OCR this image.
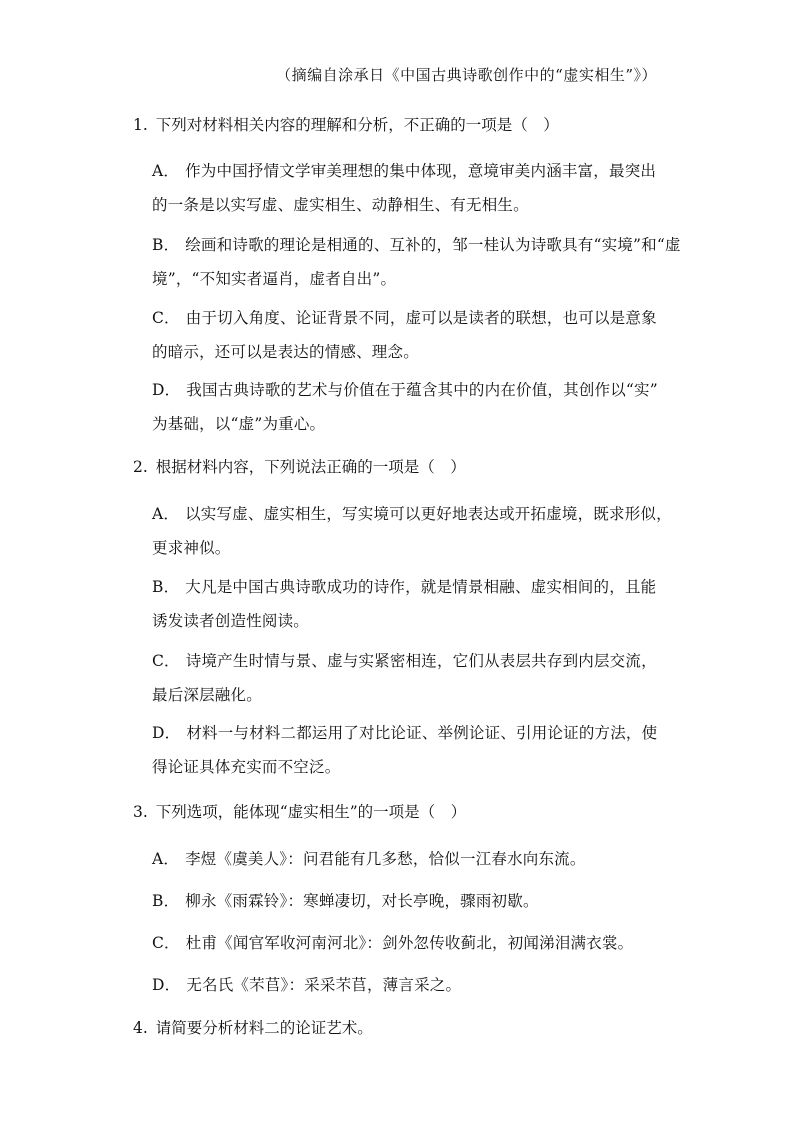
（摘编自涂承日《中国古典诗歌创作中的“虚实相生”》）
1. 下列对材料相关内容的理解和分析，不正确的一项是（　）
A． 作为中国抒情文学审美理想的集中体现，意境审美内涵丰富，最突出
的一条是以实写虚、虚实相生、动静相生、有无相生。
B． 绘画和诗歌的理论是相通的、互补的，邹一桂认为诗歌具有“实境”和“虚
境”，“不知实者逼肖，虚者自出”。
C． 由于切入角度、论证背景不同，虚可以是读者的联想，也可以是意象
的暗示，还可以是表达的情感、理念。
D． 我国古典诗歌的艺术与价值在于蕴含其中的内在价值，其创作以“实”
为基础，以“虚”为重心。
2. 根据材料内容，下列说法正确的一项是（　）
A． 以实写虚、虚实相生，写实境可以更好地表达或开拓虚境，既求形似，
更求神似。
B． 大凡是中国古典诗歌成功的诗作，就是情景相融、虚实相间的，且能
诱发读者创造性阅读。
C． 诗境产生时情与景、虚与实紧密相连，它们从表层共存到内层交流，
最后深层融化。
D． 材料一与材料二都运用了对比论证、举例论证、引用论证的方法，使
得论证具体充实而不空泛。
3. 下列选项，能体现“虚实相生”的一项是（　）
A． 李煜《虞美人》：问君能有几多愁，恰似一江春水向东流。
B． 柳永《雨霖铃》：寒蝉凄切，对长亭晚，骤雨初歇。
C． 杜甫《闻官军收河南河北》：剑外忽传收蓟北，初闻涕泪满衣裳。
D． 无名氏《芣苢》：采采芣苢，薄言采之。
4. 请简要分析材料二的论证艺术。
